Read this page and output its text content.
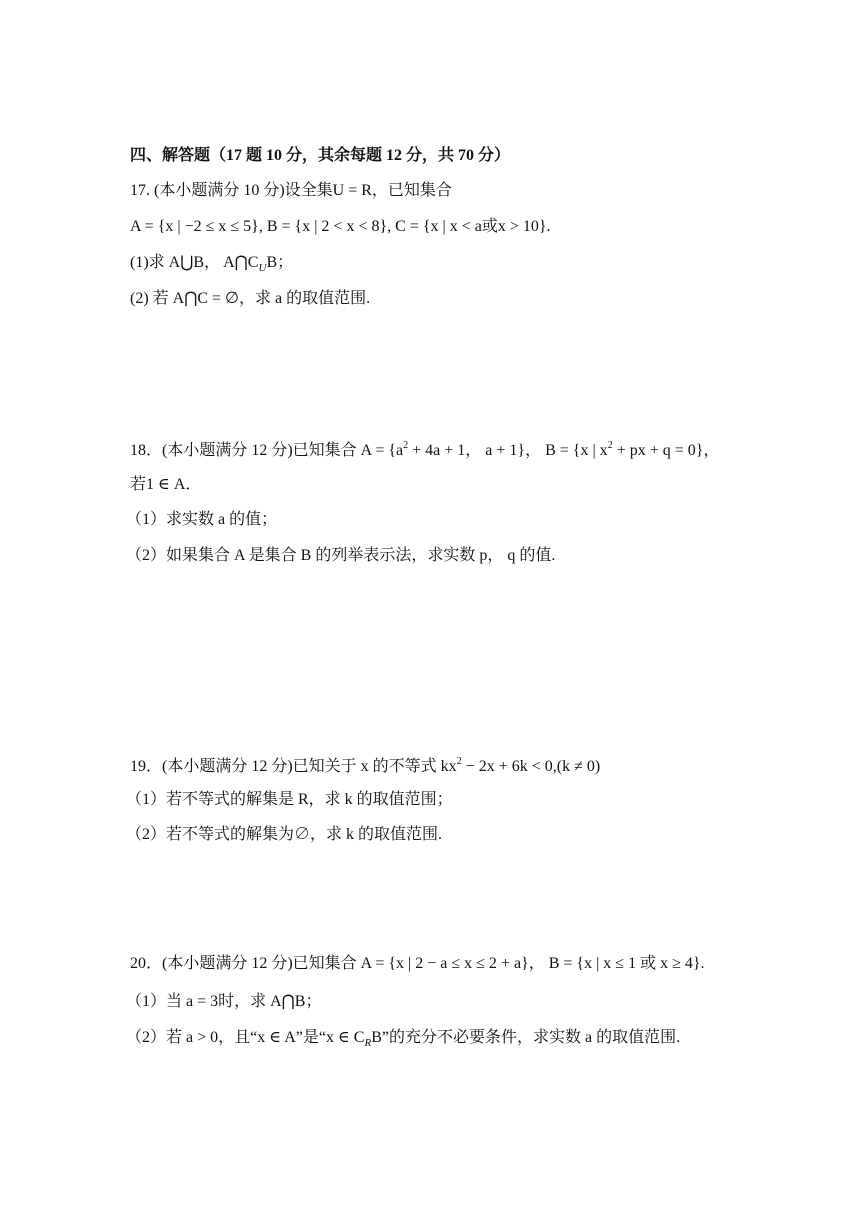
四、解答题（17 题 10 分，其余每题 12 分，共 70 分）
17. (本小题满分 10 分)设全集U = R，已知集合
A = {x | −2 ≤ x ≤ 5}, B = {x | 2 < x < 8}, C = {x | x < a或x > 10}.
(1)求 A⋃B， $A⋂C_UB$；
(2) 若 A⋂C = ∅，求 a 的取值范围.
18．(本小题满分 12 分)已知集合 $A = \{a^2 + 4a + 1$， a + 1}， B = {x | $x^2$ + px + q = 0}，
若1 ∈ A．
（1）求实数 a 的值；
（2）如果集合 A 是集合 B 的列举表示法，求实数 p， q 的值.
19．(本小题满分 12 分)已知关于 x 的不等式 $kx^2 - 2x + 6k < 0,(k \ne 0)$
（1）若不等式的解集是 R，求 k 的取值范围；
（2）若不等式的解集为∅，求 k 的取值范围.
20．(本小题满分 12 分)已知集合 A = {x | 2 − a ≤ x ≤ 2 + a}， B = {x | x ≤ 1 或 x ≥ 4}.
（1）当 a = 3时，求 A⋂B；
（2）若 a > 0，且“x ∈ A”是“x ∈ $C_RB$”的充分不必要条件，求实数 a 的取值范围.
